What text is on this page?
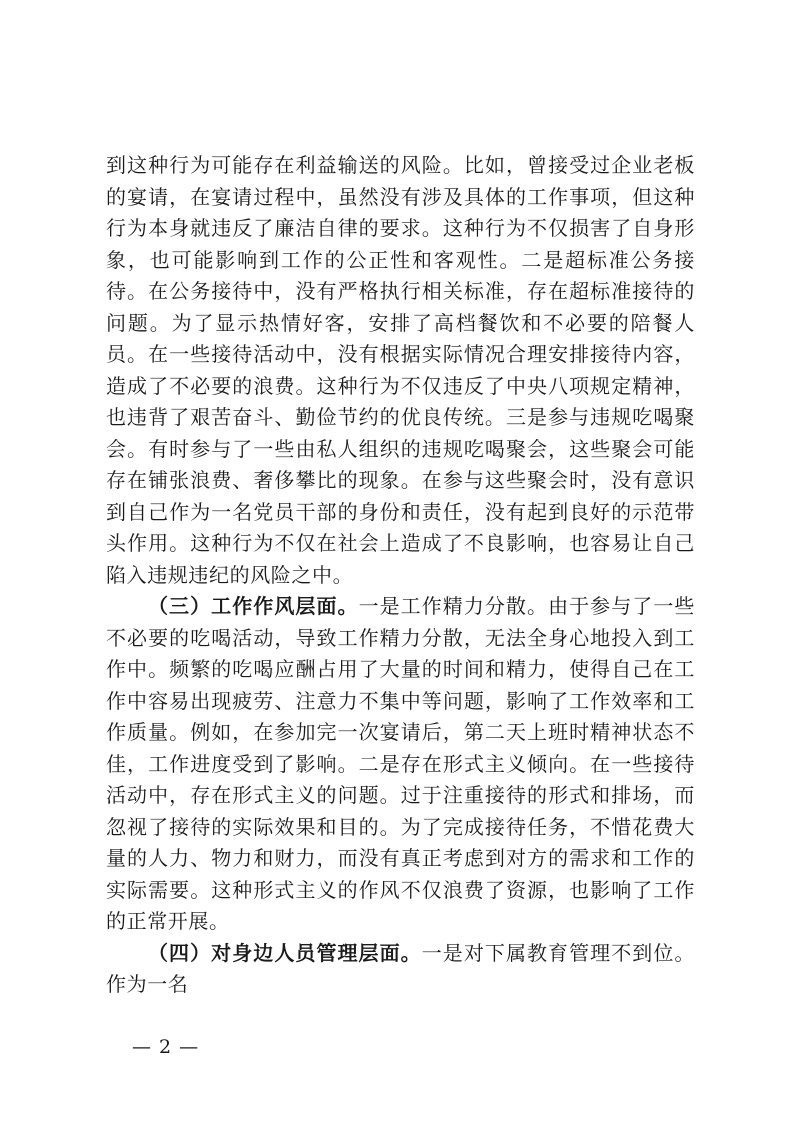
到这种行为可能存在利益输送的风险。比如，曾接受过企业老板的宴请，在宴请过程中，虽然没有涉及具体的工作事项，但这种行为本身就违反了廉洁自律的要求。这种行为不仅损害了自身形象，也可能影响到工作的公正性和客观性。二是超标准公务接待。在公务接待中，没有严格执行相关标准，存在超标准接待的问题。为了显示热情好客，安排了高档餐饮和不必要的陪餐人员。在一些接待活动中，没有根据实际情况合理安排接待内容，造成了不必要的浪费。这种行为不仅违反了中央八项规定精神，也违背了艰苦奋斗、勤俭节约的优良传统。三是参与违规吃喝聚会。有时参与了一些由私人组织的违规吃喝聚会，这些聚会可能存在铺张浪费、奢侈攀比的现象。在参与这些聚会时，没有意识到自己作为一名党员干部的身份和责任，没有起到良好的示范带头作用。这种行为不仅在社会上造成了不良影响，也容易让自己陷入违规违纪的风险之中。

（三）工作作风层面。一是工作精力分散。由于参与了一些不必要的吃喝活动，导致工作精力分散，无法全身心地投入到工作中。频繁的吃喝应酬占用了大量的时间和精力，使得自己在工作中容易出现疲劳、注意力不集中等问题，影响了工作效率和工作质量。例如，在参加完一次宴请后，第二天上班时精神状态不佳，工作进度受到了影响。二是存在形式主义倾向。在一些接待活动中，存在形式主义的问题。过于注重接待的形式和排场，而忽视了接待的实际效果和目的。为了完成接待任务，不惜花费大量的人力、物力和财力，而没有真正考虑到对方的需求和工作的实际需要。这种形式主义的作风不仅浪费了资源，也影响了工作的正常开展。

（四）对身边人员管理层面。一是对下属教育管理不到位。作为一名

— 2 —
